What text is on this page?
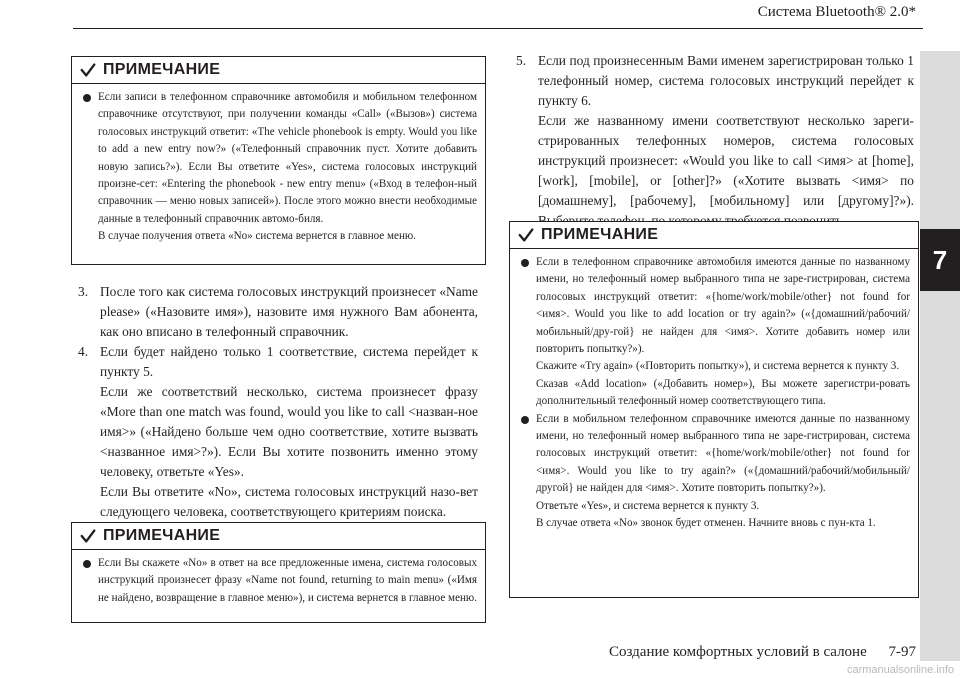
Система Bluetooth® 2.0*
7
ПРИМЕЧАНИЕ
Если записи в телефонном справочнике автомобиля и мобильном телефонном справочнике отсутствуют, при получении команды «Call» («Вызов») система голосовых инструкций ответит: «The vehicle phonebook is empty. Would you like to add a new entry now?» («Телефонный справочник пуст. Хотите добавить новую запись?»). Если Вы ответите «Yes», система голосовых инструкций произне-сет: «Entering the phonebook - new entry menu» («Вход в телефон-ный справочник — меню новых записей»). После этого можно внести необходимые данные в телефонный справочник автомо-биля.
В случае получения ответа «No» система вернется в главное меню.
3. После того как система голосовых инструкций произнесет «Name please» («Назовите имя»), назовите имя нужного Вам абонента, как оно вписано в телефонный справочник.
4. Если будет найдено только 1 соответствие, система перейдет к пункту 5.
Если же соответствий несколько, система произнесет фразу «More than one match was found, would you like to call <назван-ное имя>» («Найдено больше чем одно соответствие, хотите вызвать <названное имя>?»). Если Вы хотите позвонить именно этому человеку, ответьте «Yes».
Если Вы ответите «No», система голосовых инструкций назо-вет следующего человека, соответствующего критериям поиска.
ПРИМЕЧАНИЕ
Если Вы скажете «No» в ответ на все предложенные имена, система голосовых инструкций произнесет фразу «Name not found, returning to main menu» («Имя не найдено, возвращение в главное меню»), и система вернется в главное меню.
5. Если под произнесенным Вами именем зарегистрирован только 1 телефонный номер, система голосовых инструкций перейдет к пункту 6.
Если же названному имени соответствуют несколько зареги-стрированных телефонных номеров, система голосовых инструкций произнесет: «Would you like to call <имя> at [home], [work], [mobile], or [other]?» («Хотите вызвать <имя> по [домашнему], [рабочему], [мобильному] или [другому]?»).
ПРИМЕЧАНИЕ
Если в телефонном справочнике автомобиля имеются данные по названному имени, но телефонный номер выбранного типа не заре-гистрирован, система голосовых инструкций ответит: «{home/work/mobile/other} not found for <имя>. Would you like to add location or try again?» («{домашний/рабочий/мобильный/дру-гой} не найден для <имя>. Хотите добавить номер или повторить попытку?»).
Скажите «Try again» («Повторить попытку»), и система вернется к пункту 3.
Сказав «Add location» («Добавить номер»), Вы можете зарегистри-ровать дополнительный телефонный номер соответствующего типа.
Если в мобильном телефонном справочнике имеются данные по названному имени, но телефонный номер выбранного типа не заре-гистрирован, система голосовых инструкций ответит: «{home/work/mobile/other} not found for <имя>. Would you like to try again?» («{домашний/рабочий/мобильный/другой} не найден для <имя>. Хотите повторить попытку?»).
Ответьте «Yes», и система вернется к пункту 3.
В случае ответа «No» звонок будет отменен. Начните вновь с пун-кта 1.
Создание комфортных условий в салоне 7-97
carmanualsonline.info
